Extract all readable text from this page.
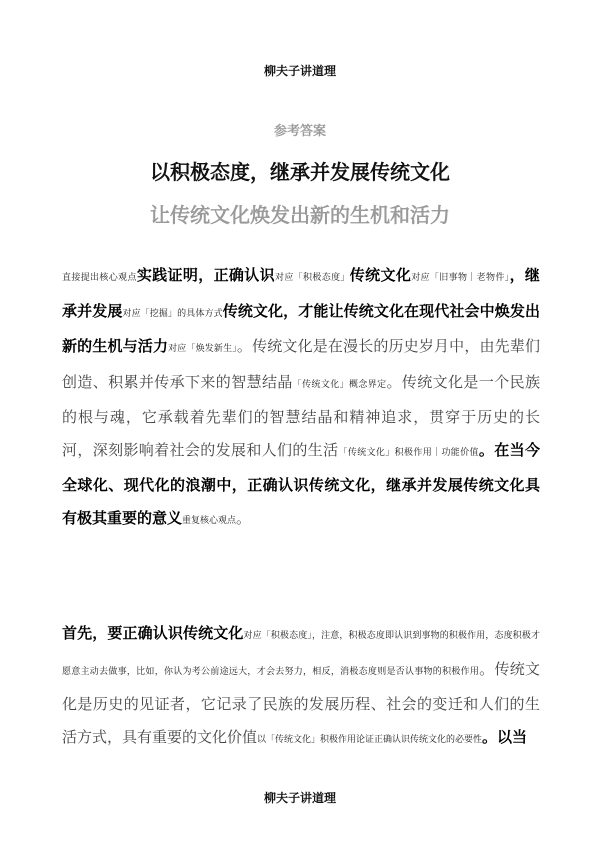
柳夫子讲道理
参考答案
以积极态度，继承并发展传统文化
让传统文化焕发出新的生机和活力

直接提出核心观点实践证明，正确认识对应「积极态度」传统文化对应「旧事物｜老物件」，继承并发展对应「挖掘」的具体方式传统文化，才能让传统文化在现代社会中焕发出新的生机与活力对应「焕发新生」。传统文化是在漫长的历史岁月中，由先辈们创造、积累并传承下来的智慧结晶「传统文化」概念界定。传统文化是一个民族的根与魂，它承载着先辈们的智慧结晶和精神追求，贯穿于历史的长河，深刻影响着社会的发展和人们的生活「传统文化」积极作用｜功能价值。在当今全球化、现代化的浪潮中，正确认识传统文化，继承并发展传统文化具有极其重要的意义重复核心观点。

首先，要正确认识传统文化对应「积极态度」，注意，积极态度即认识到事物的积极作用，态度积极才愿意主动去做事，比如，你认为考公前途远大，才会去努力，相反，消极态度则是否认事物的积极作用。传统文化是历史的见证者，它记录了民族的发展历程、社会的变迁和人们的生活方式，具有重要的文化价值以「传统文化」积极作用论证正确认识传统文化的必要性。以当

柳夫子讲道理
